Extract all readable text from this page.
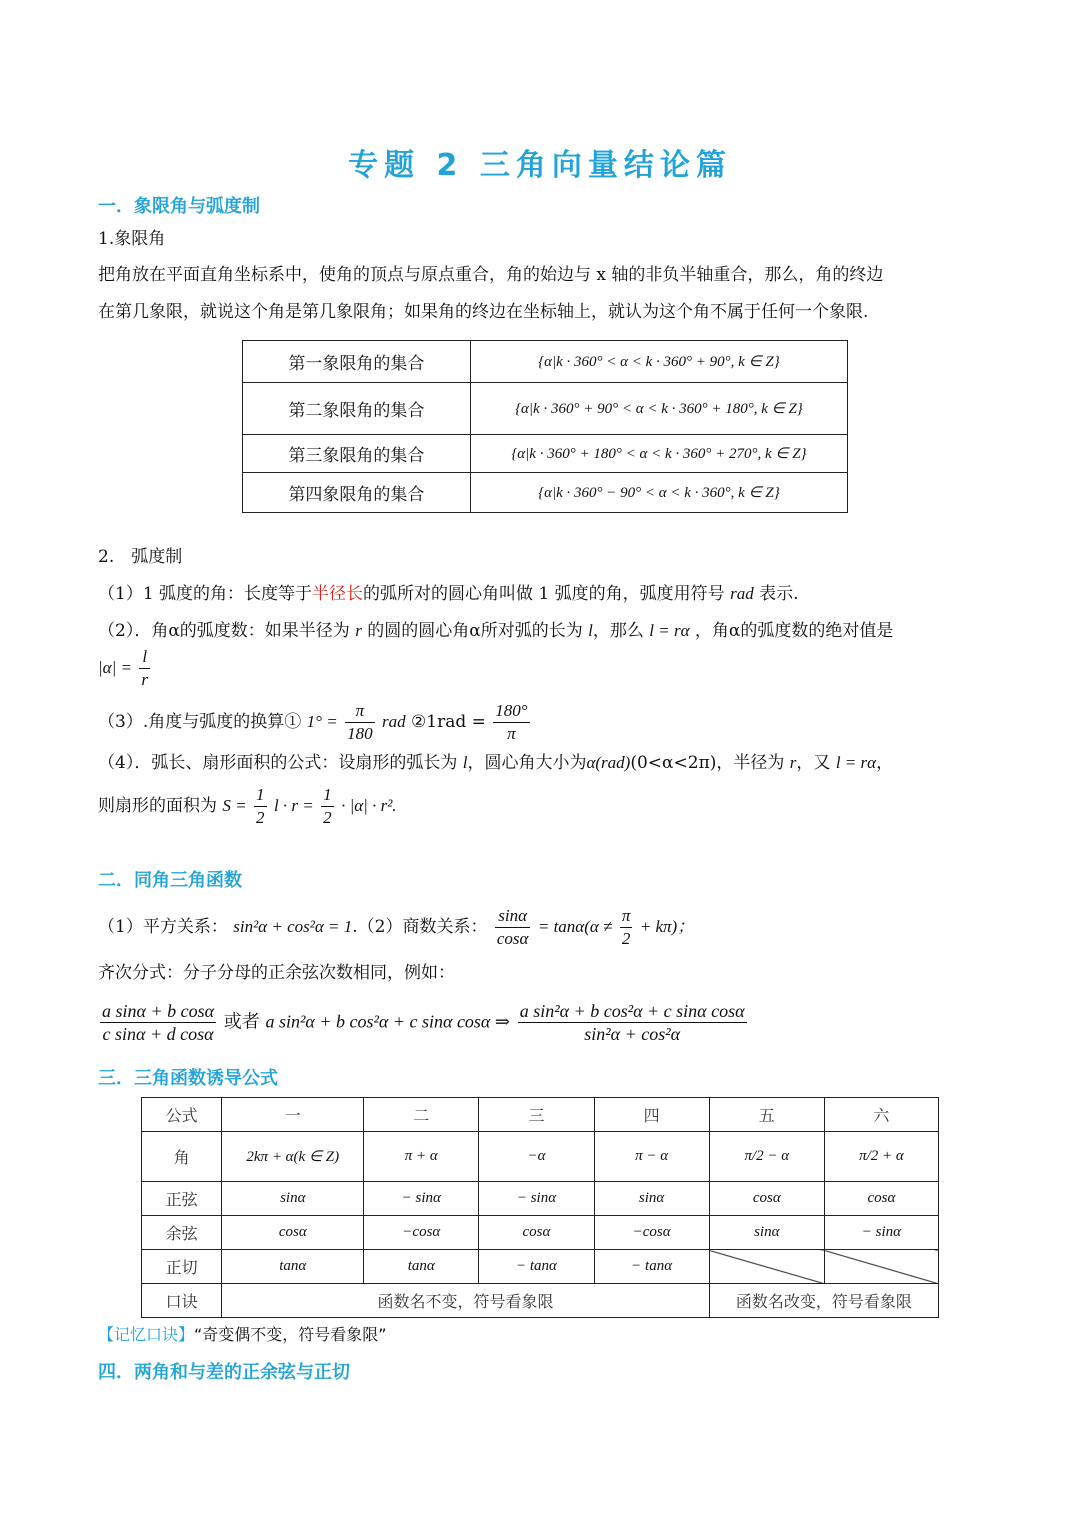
专题 2 三角向量结论篇
一．象限角与弧度制
1.象限角
把角放在平面直角坐标系中，使角的顶点与原点重合，角的始边与 x 轴的非负半轴重合，那么，角的终边
在第几象限，就说这个角是第几象限角；如果角的终边在坐标轴上，就认为这个角不属于任何一个象限.
第一象限角的集合	{α|k · 360° < α < k · 360° + 90°, k ∈ Z}
第二象限角的集合	{α|k · 360° + 90° < α < k · 360° + 180°, k ∈ Z}
第三象限角的集合	{α|k · 360° + 180° < α < k · 360° + 270°, k ∈ Z}
第四象限角的集合	{α|k · 360° − 90° < α < k · 360°, k ∈ Z}
2.　弧度制
（1）1 弧度的角：长度等于半径长的弧所对的圆心角叫做 1 弧度的角，弧度用符号 rad 表示.
（2）．角α的弧度数：如果半径为 r 的圆的圆心角α所对弧的长为 l，那么 l = rα ，角α的弧度数的绝对值是
$|\alpha| = \frac{l}{r}$
（3）.角度与弧度的换算① $1^\circ = \frac{\pi}{180}$ rad ②1rad = $\frac{180^\circ}{\pi}$
（4）．弧长、扇形面积的公式：设扇形的弧长为 l，圆心角大小为α(rad)(0<α<2π)，半径为 r，又 l = rα，
则扇形的面积为 $S = \frac{1}{2}$ $l \cdot r = \frac{1}{2} \cdot |\alpha| \cdot r^2$.
二．同角三角函数
（1）平方关系： sin²α + cos²α = 1.（2）商数关系： $\frac{\sin\alpha}{\cos\alpha} = \tan\alpha(\alpha \ne \frac{\pi}{2} + k\pi)$；
齐次分式：分子分母的正余弦次数相同，例如：
$\frac{\text{a sinα + b cosα}}{\text{c sinα + d cosα}}$ 或者 a sin²α + b cos²α + c sinα cosα ⇒ $\frac{\text{a sin²α + b cos²α + c sinα cosα}}{\text{sin²α + cos²α}}$
三．三角函数诱导公式
公式	一	二	三	四	五	六
角	2kπ + α(k ∈ Z)	π + α	−α	π − α	π/2 − α	π/2 + α
正弦	sinα	− sinα	− sinα	sinα	cosα	cosα
余弦	cosα	−cosα	cosα	−cosα	sinα	− sinα
正切	tanα	tanα	− tanα	− tanα		
口诀	函数名不变，符号看象限				函数名改变，符号看象限	
【记忆口诀】“奇变偶不变，符号看象限”
四．两角和与差的正余弦与正切
